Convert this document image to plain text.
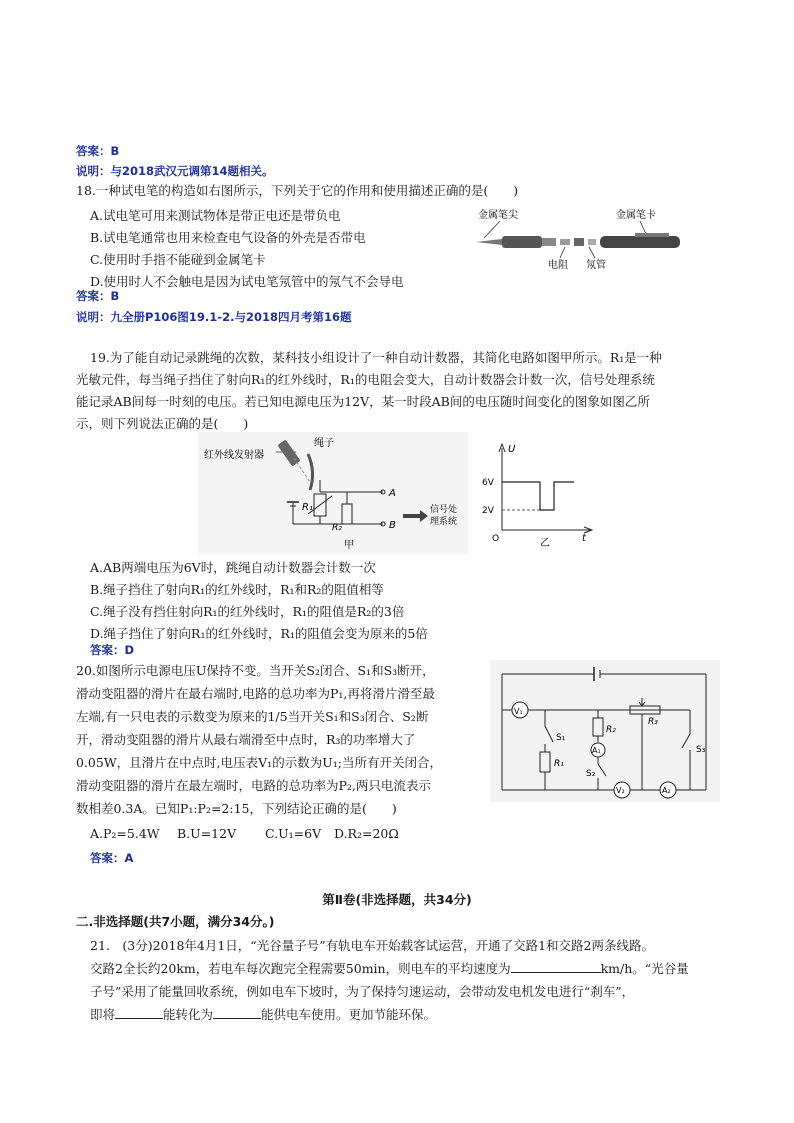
答案：B
说明：与2018武汉元调第14题相关。
18.一种试电笔的构造如右图所示，下列关于它的作用和使用描述正确的是(　　)
A.试电笔可用来测试物体是带正电还是带负电
B.试电笔通常也用来检查电气设备的外壳是否带电
C.使用时手指不能碰到金属笔卡
D.使用时人不会触电是因为试电笔氖管中的氖气不会导电
答案：B
说明：九全册P106图19.1-2.与2018四月考第16题
金属笔尖	金属笔卡
电阻 氖管
19.为了能自动记录跳绳的次数，某科技小组设计了一种自动计数器，其简化电路如图甲所示。R₁是一种
光敏元件，每当绳子挡住了射向R₁的红外线时，R₁的电阻会变大，自动计数器会计数一次，信号处理系统
能记录AB间每一时刻的电压。若已知电源电压为12V，某一时段AB间的电压随时间变化的图象如图乙所
示，则下列说法正确的是(　　)
红外线发射器
绳子
R₁
R₂
A
B
信号处
理系统
甲
U
6V
2V
O	t
乙
A.AB两端电压为6V时，跳绳自动计数器会计数一次
B.绳子挡住了射向R₁的红外线时，R₁和R₂的阻值相等
C.绳子没有挡住射向R₁的红外线时，R₁的阻值是R₂的3倍
D.绳子挡住了射向R₁的红外线时，R₁的阻值会变为原来的5倍
答案：D
20.如图所示电源电压U保持不变。当开关S₂闭合、S₁和S₃断开，
滑动变阻器的滑片在最右端时,电路的总功率为P₁,再将滑片滑至最
左端,有一只电表的示数变为原来的1/5当开关S₁和S₃闭合、S₂断
开，滑动变阻器的滑片从最右端滑至中点时，R₃的功率增大了
0.05W，且滑片在中点时,电压表V₁的示数为U₁;当所有开关闭合，
滑动变阻器的滑片在最左端时，电路的总功率为P₂,两只电流表示
数相差0.3A。已知P₁:P₂=2:15，下列结论正确的是(　　)
A.P₂=5.4W B.U=12V C.U₁=6V D.R₂=20Ω
答案：A
V₁
S₁
R₁
R₂
A₁
S₂
R₃
S₃
V₂	A₂
第Ⅱ卷(非选择题，共34分)
二.非选择题(共7小题，满分34分。)
21.　(3分)2018年4月1日，“光谷量子号”有轨电车开始载客试运营，开通了交路1和交路2两条线路。
交路2全长约20km，若电车每次跑完全程需要50min，则电车的平均速度为	km/h。“光谷量
子号”采用了能量回收系统，例如电车下坡时，为了保持匀速运动，会带动发电机发电进行“刹车”，
即将	能转化为	能供电车使用。更加节能环保。
